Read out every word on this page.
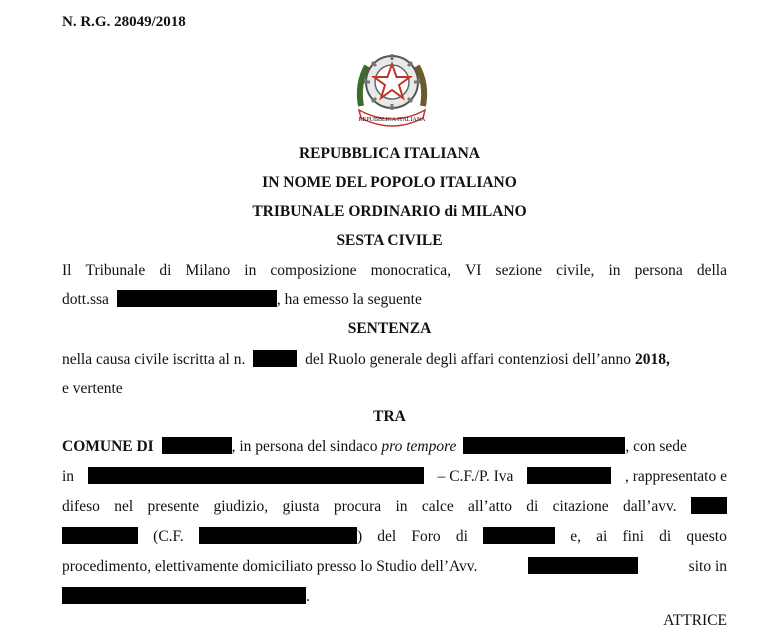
N. R.G. 28049/2018
REPUBBLICA ITALIANA
REPUBBLICA ITALIANA
IN NOME DEL POPOLO ITALIANO
TRIBUNALE ORDINARIO di MILANO
SESTA CIVILE
Il Tribunale di Milano in composizione monocratica, VI sezione civile, in persona della
dott.ssa	, ha emesso la seguente
SENTENZA
nella causa civile iscritta al n.	del Ruolo generale degli affari contenziosi dell’anno 2018,
e vertente
TRA
COMUNE DI	, in persona del sindaco pro tempore	, con sede
in	– C.F./P. Iva	, rappresentato e
difeso nel presente giudizio, giusta procura in calce all’atto di citazione dall’avv.
(C.F.	) del Foro di	e, ai fini di questo
procedimento, elettivamente domiciliato presso lo Studio dell’Avv.	sito in
.
ATTRICE
